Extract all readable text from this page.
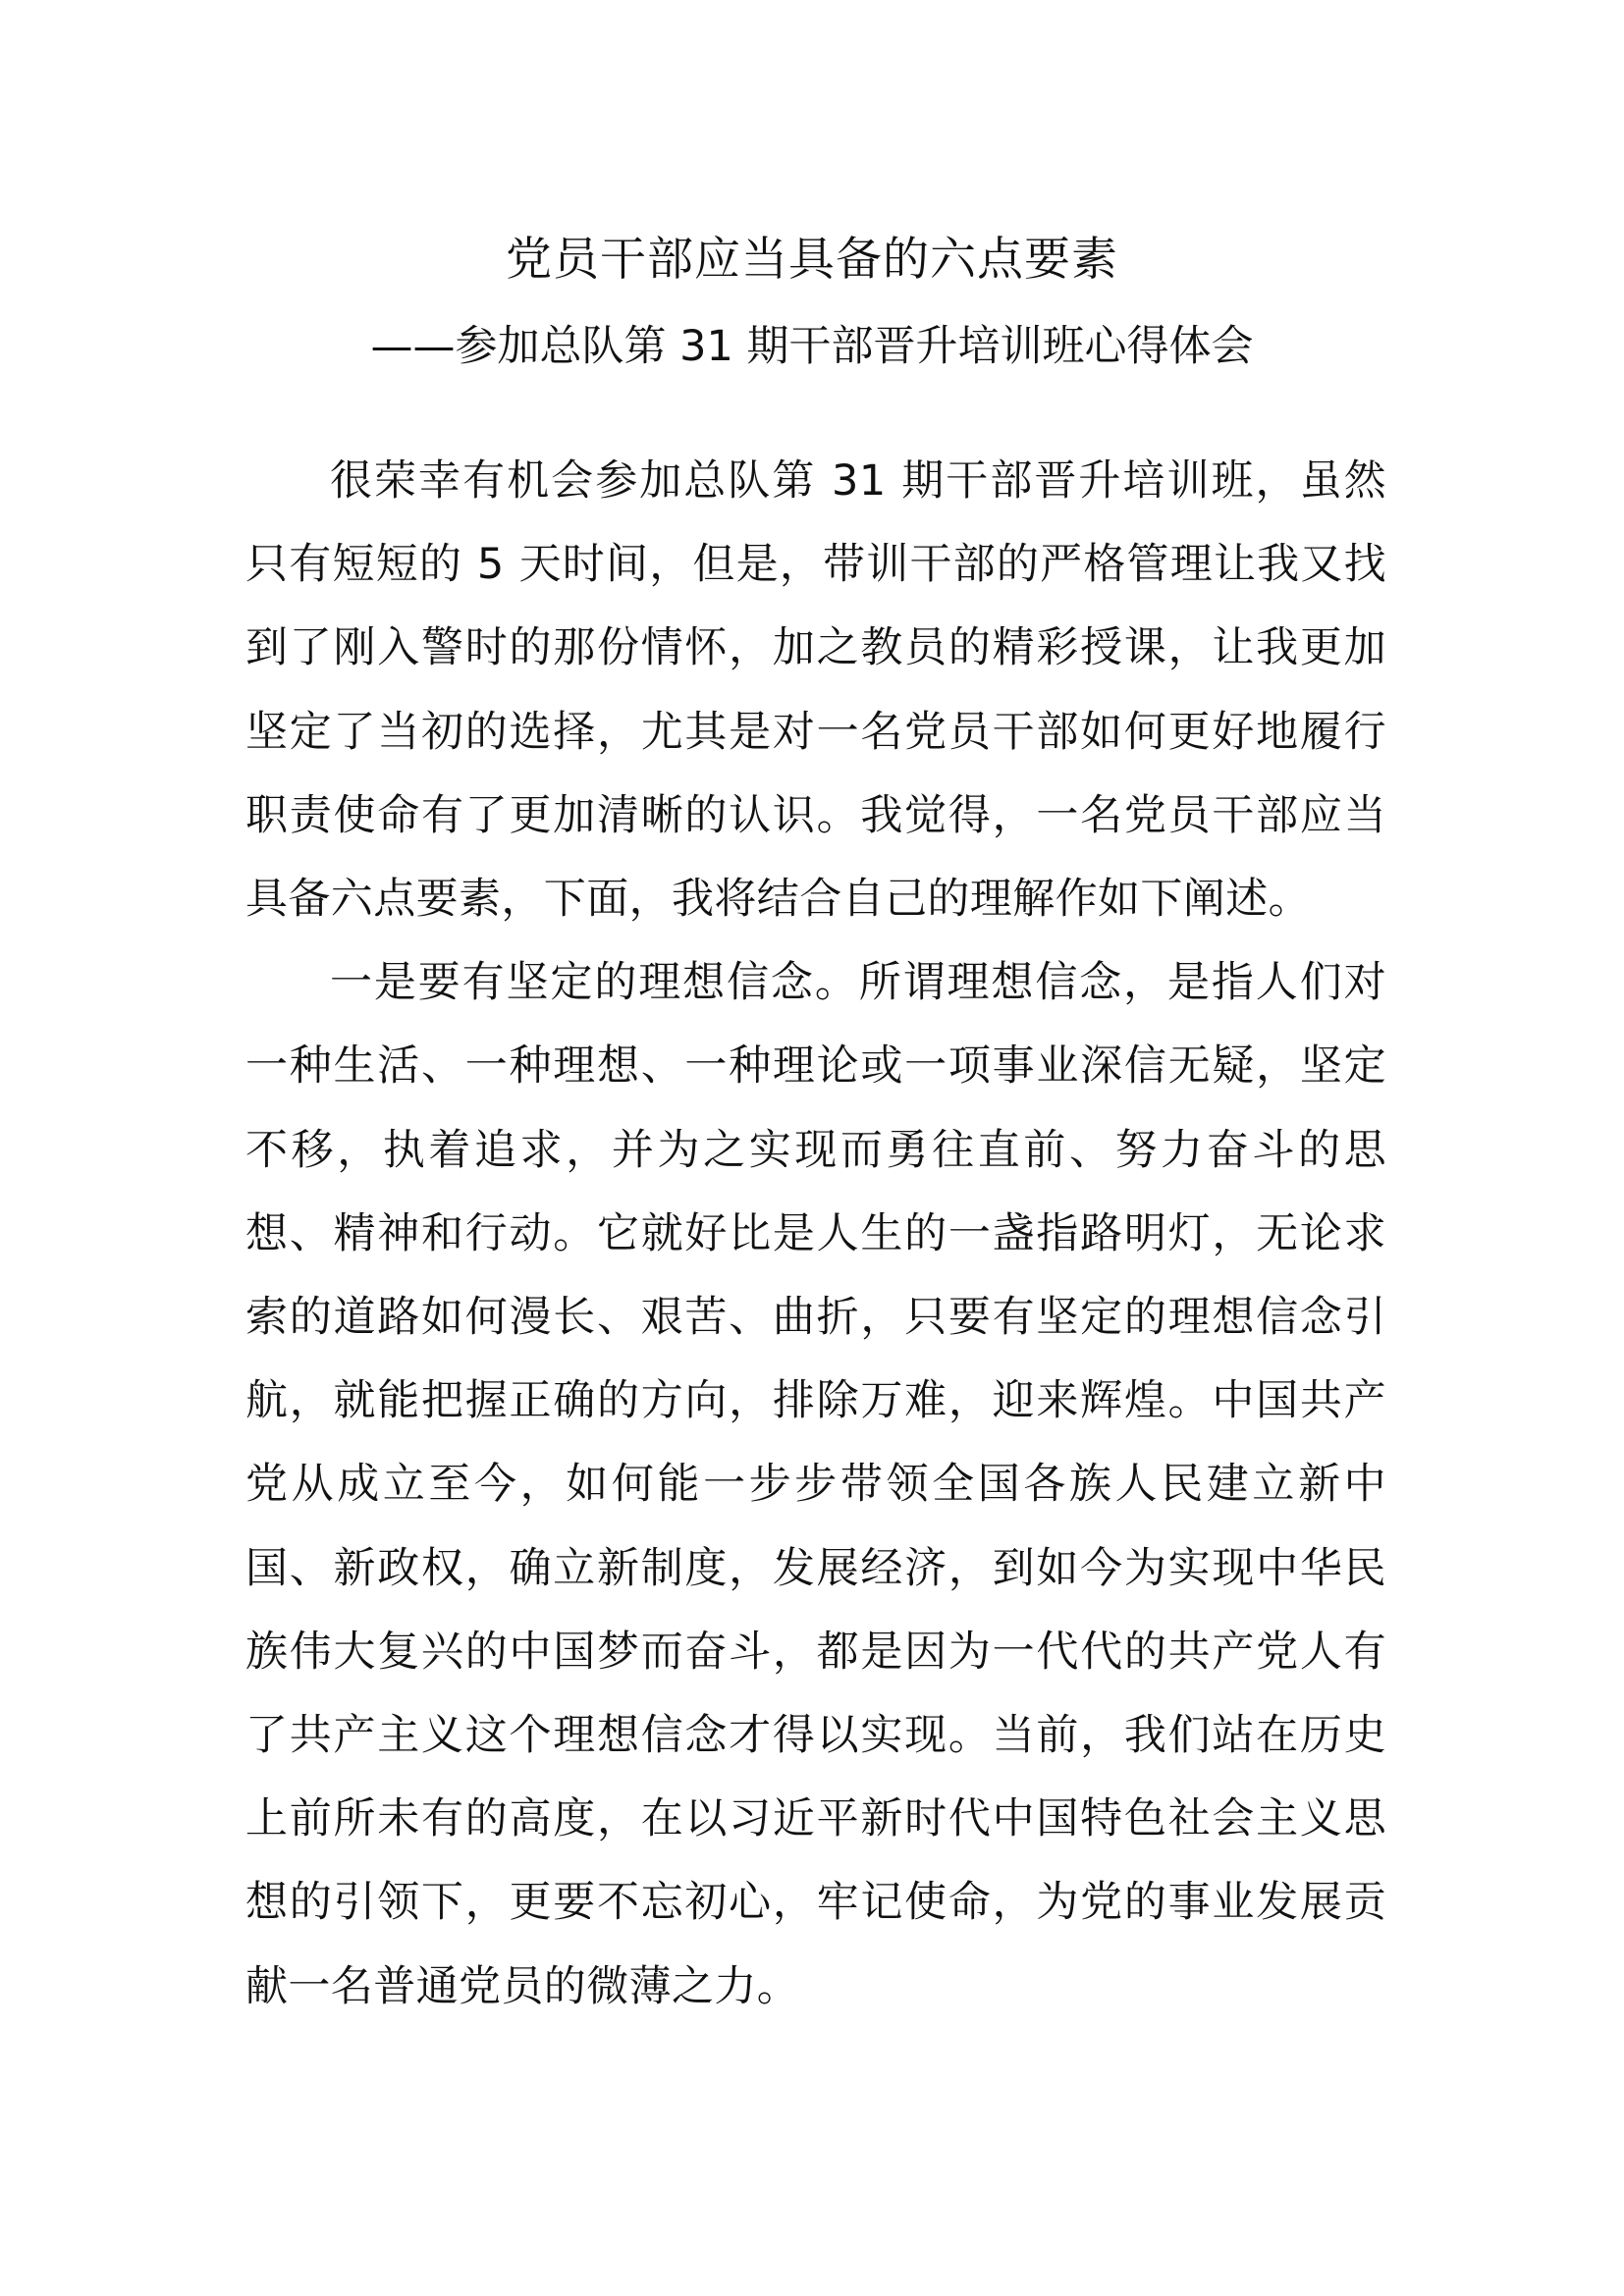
党员干部应当具备的六点要素
——参加总队第 31 期干部晋升培训班心得体会

很荣幸有机会参加总队第 31 期干部晋升培训班，虽然只有短短的 5 天时间，但是，带训干部的严格管理让我又找到了刚入警时的那份情怀，加之教员的精彩授课，让我更加坚定了当初的选择，尤其是对一名党员干部如何更好地履行职责使命有了更加清晰的认识。我觉得，一名党员干部应当具备六点要素，下面，我将结合自己的理解作如下阐述。

一是要有坚定的理想信念。所谓理想信念，是指人们对一种生活、一种理想、一种理论或一项事业深信无疑，坚定不移，执着追求，并为之实现而勇往直前、努力奋斗的思想、精神和行动。它就好比是人生的一盏指路明灯，无论求索的道路如何漫长、艰苦、曲折，只要有坚定的理想信念引航，就能把握正确的方向，排除万难，迎来辉煌。中国共产党从成立至今，如何能一步步带领全国各族人民建立新中国、新政权，确立新制度，发展经济，到如今为实现中华民族伟大复兴的中国梦而奋斗，都是因为一代代的共产党人有了共产主义这个理想信念才得以实现。当前，我们站在历史上前所未有的高度，在以习近平新时代中国特色社会主义思想的引领下，更要不忘初心，牢记使命，为党的事业发展贡献一名普通党员的微薄之力。
